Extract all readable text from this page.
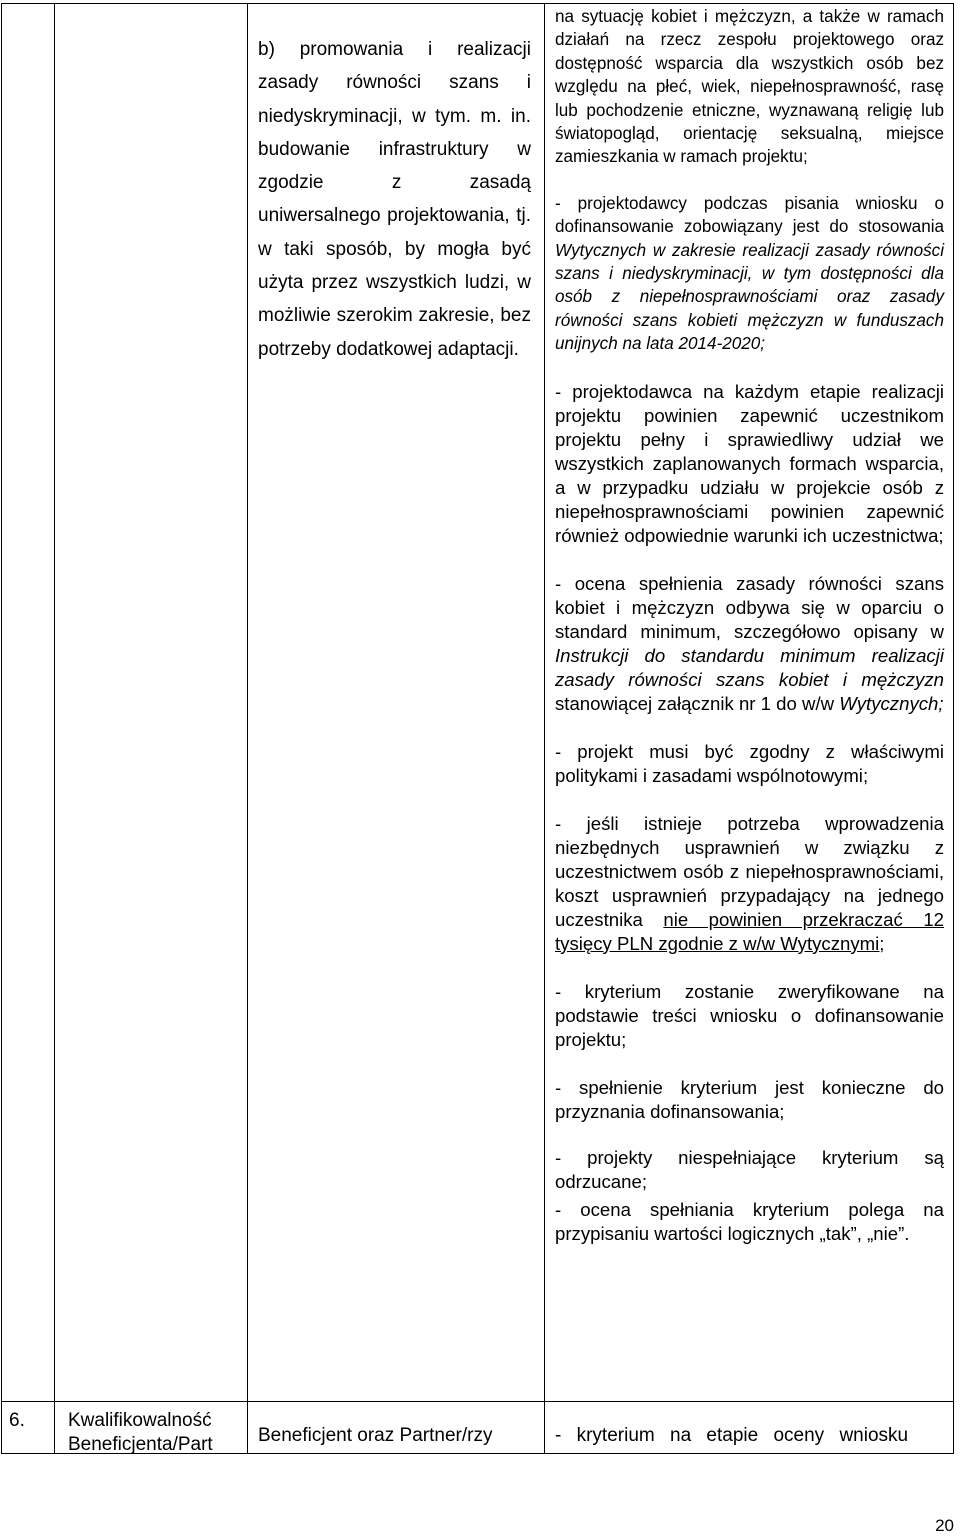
b) promowania i realizacji zasady równości szans i niedyskryminacji, w tym. m. in. budowanie infrastruktury w zgodzie z zasadą uniwersalnego projektowania, tj. w taki sposób, by mogła być użyta przez wszystkich ludzi, w możliwie szerokim zakresie, bez potrzeby dodatkowej adaptacji.

na sytuację kobiet i mężczyzn, a także w ramach działań na rzecz zespołu projektowego oraz dostępność wsparcia dla wszystkich osób bez względu na płeć, wiek, niepełnosprawność, rasę lub pochodzenie etniczne, wyznawaną religię lub światopogląd, orientację seksualną, miejsce zamieszkania w ramach projektu;

- projektodawcy podczas pisania wniosku o dofinansowanie zobowiązany jest do stosowania Wytycznych w zakresie realizacji zasady równości szans i niedyskryminacji, w tym dostępności dla osób z niepełnosprawnościami oraz zasady równości szans kobieti mężczyzn w funduszach unijnych na lata 2014-2020;

- projektodawca na każdym etapie realizacji projektu powinien zapewnić uczestnikom projektu pełny i sprawiedliwy udział we wszystkich zaplanowanych formach wsparcia, a w przypadku udziału w projekcie osób z niepełnosprawnościami powinien zapewnić również odpowiednie warunki ich uczestnictwa;

- ocena spełnienia zasady równości szans kobiet i mężczyzn odbywa się w oparciu o standard minimum, szczegółowo opisany w Instrukcji do standardu minimum realizacji zasady równości szans kobiet i mężczyzn stanowiącej załącznik nr 1 do w/w Wytycznych;

- projekt musi być zgodny z właściwymi politykami i zasadami wspólnotowymi;

- jeśli istnieje potrzeba wprowadzenia niezbędnych usprawnień w związku z uczestnictwem osób z niepełnosprawnościami, koszt usprawnień przypadający na jednego uczestnika nie powinien przekraczać 12 tysięcy PLN zgodnie z w/w Wytycznymi;

- kryterium zostanie zweryfikowane na podstawie treści wniosku o dofinansowanie projektu;

- spełnienie kryterium jest konieczne do przyznania dofinansowania;

- projekty niespełniające kryterium są odrzucane;

- ocena spełniania kryterium polega na przypisaniu wartości logicznych „tak”, „nie”.

6. Kwalifikowalność Beneficjenta/Part	Beneficjent oraz Partner/rzy	- kryterium na etapie oceny wniosku
20
